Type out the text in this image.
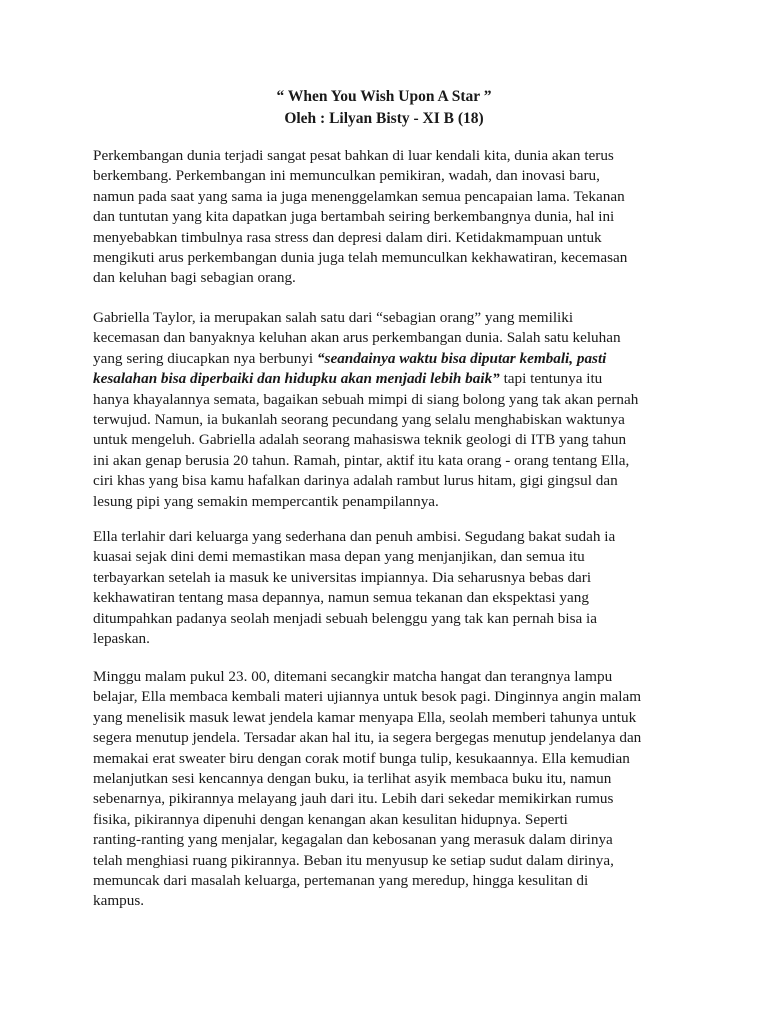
“ When You Wish Upon A Star ”
Oleh : Lilyan Bisty - XI B (18)
Perkembangan dunia terjadi sangat pesat bahkan di luar kendali kita, dunia akan terus
berkembang. Perkembangan ini memunculkan pemikiran, wadah, dan inovasi baru,
namun pada saat yang sama ia juga menenggelamkan semua pencapaian lama. Tekanan
dan tuntutan yang kita dapatkan juga bertambah seiring berkembangnya dunia, hal ini
menyebabkan timbulnya rasa stress dan depresi dalam diri. Ketidakmampuan untuk
mengikuti arus perkembangan dunia juga telah memunculkan kekhawatiran, kecemasan
dan keluhan bagi sebagian orang.
Gabriella Taylor, ia merupakan salah satu dari “sebagian orang” yang memiliki
kecemasan dan banyaknya keluhan akan arus perkembangan dunia. Salah satu keluhan
yang sering diucapkan nya berbunyi “seandainya waktu bisa diputar kembali, pasti
kesalahan bisa diperbaiki dan hidupku akan menjadi lebih baik” tapi tentunya itu
hanya khayalannya semata, bagaikan sebuah mimpi di siang bolong yang tak akan pernah
terwujud. Namun, ia bukanlah seorang pecundang yang selalu menghabiskan waktunya
untuk mengeluh. Gabriella adalah seorang mahasiswa teknik geologi di ITB yang tahun
ini akan genap berusia 20 tahun. Ramah, pintar, aktif itu kata orang - orang tentang Ella,
ciri khas yang bisa kamu hafalkan darinya adalah rambut lurus hitam, gigi gingsul dan
lesung pipi yang semakin mempercantik penampilannya.
Ella terlahir dari keluarga yang sederhana dan penuh ambisi. Segudang bakat sudah ia
kuasai sejak dini demi memastikan masa depan yang menjanjikan, dan semua itu
terbayarkan setelah ia masuk ke universitas impiannya. Dia seharusnya bebas dari
kekhawatiran tentang masa depannya, namun semua tekanan dan ekspektasi yang
ditumpahkan padanya seolah menjadi sebuah belenggu yang tak kan pernah bisa ia
lepaskan.
Minggu malam pukul 23. 00, ditemani secangkir matcha hangat dan terangnya lampu
belajar, Ella membaca kembali materi ujiannya untuk besok pagi. Dinginnya angin malam
yang menelisik masuk lewat jendela kamar menyapa Ella, seolah memberi tahunya untuk
segera menutup jendela. Tersadar akan hal itu, ia segera bergegas menutup jendelanya dan
memakai erat sweater biru dengan corak motif bunga tulip, kesukaannya. Ella kemudian
melanjutkan sesi kencannya dengan buku, ia terlihat asyik membaca buku itu, namun
sebenarnya, pikirannya melayang jauh dari itu. Lebih dari sekedar memikirkan rumus
fisika, pikirannya dipenuhi dengan kenangan akan kesulitan hidupnya. Seperti
ranting-ranting yang menjalar, kegagalan dan kebosanan yang merasuk dalam dirinya
telah menghiasi ruang pikirannya. Beban itu menyusup ke setiap sudut dalam dirinya,
memuncak dari masalah keluarga, pertemanan yang meredup, hingga kesulitan di
kampus.
